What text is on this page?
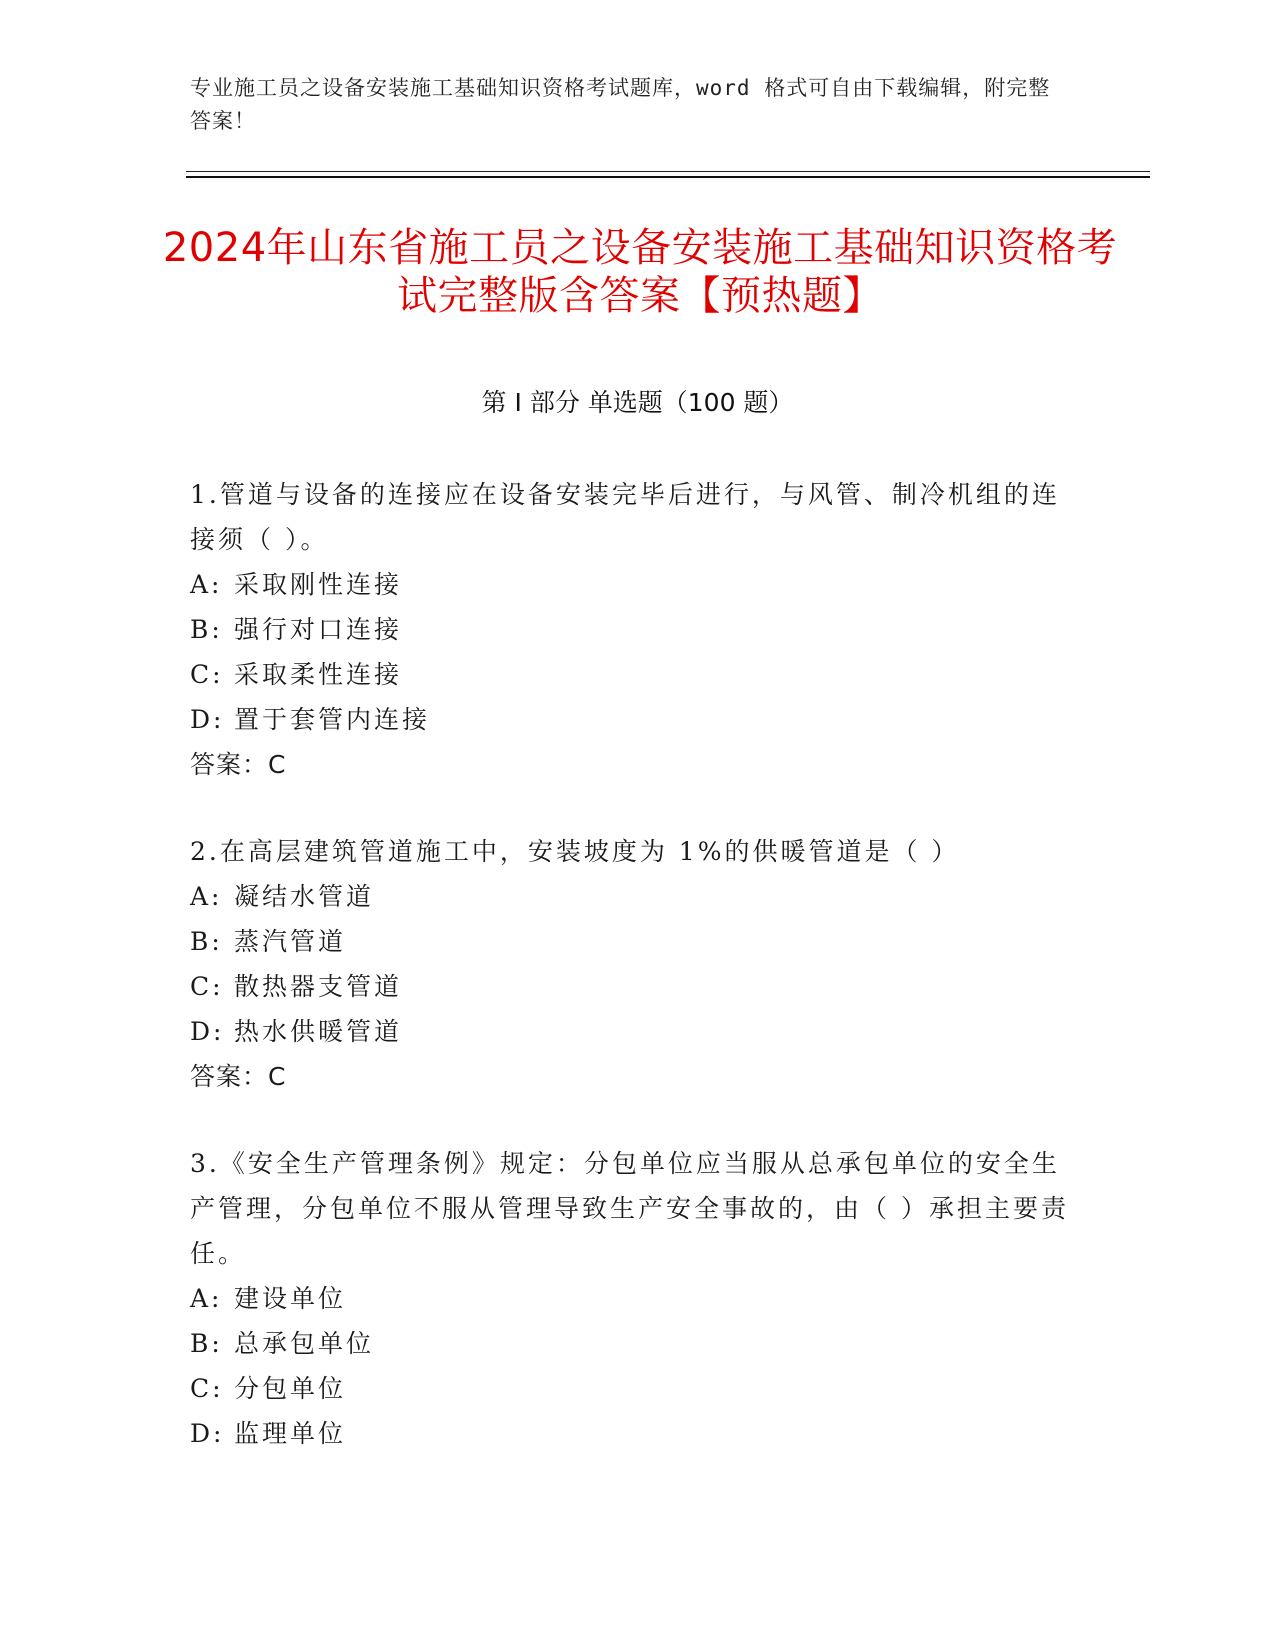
专业施工员之设备安装施工基础知识资格考试题库，word 格式可自由下载编辑，附完整答案！
2024年山东省施工员之设备安装施工基础知识资格考试完整版含答案【预热题】
第 I 部分 单选题（100 题）

1.管道与设备的连接应在设备安装完毕后进行，与风管、制冷机组的连接须（ ）。

A: 采取刚性连接

B: 强行对口连接

C: 采取柔性连接

D: 置于套管内连接

答案：C

2.在高层建筑管道施工中，安装坡度为 1%的供暖管道是（ ）

A: 凝结水管道

B: 蒸汽管道

C: 散热器支管道

D: 热水供暖管道

答案：C

3.《安全生产管理条例》规定：分包单位应当服从总承包单位的安全生产管理，分包单位不服从管理导致生产安全事故的，由（ ）承担主要责任。

A: 建设单位

B: 总承包单位

C: 分包单位

D: 监理单位
